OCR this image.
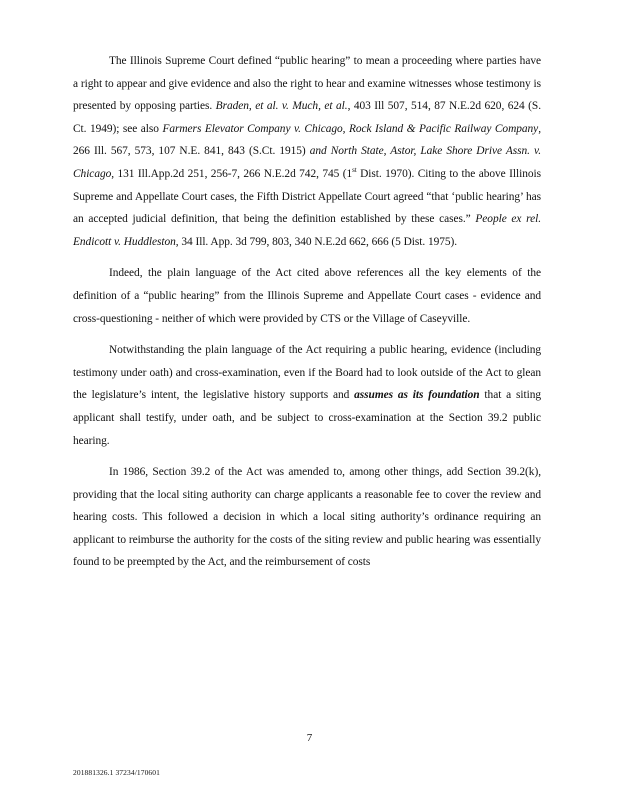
The Illinois Supreme Court defined “public hearing” to mean a proceeding where parties have a right to appear and give evidence and also the right to hear and examine witnesses whose testimony is presented by opposing parties. Braden, et al. v. Much, et al., 403 Ill 507, 514, 87 N.E.2d 620, 624 (S. Ct. 1949); see also Farmers Elevator Company v. Chicago, Rock Island & Pacific Railway Company, 266 Ill. 567, 573, 107 N.E. 841, 843 (S.Ct. 1915) and North State, Astor, Lake Shore Drive Assn. v. Chicago, 131 Ill.App.2d 251, 256-7, 266 N.E.2d 742, 745 (1st Dist. 1970). Citing to the above Illinois Supreme and Appellate Court cases, the Fifth District Appellate Court agreed “that ‘public hearing’ has an accepted judicial definition, that being the definition established by these cases.” People ex rel. Endicott v. Huddleston, 34 Ill. App. 3d 799, 803, 340 N.E.2d 662, 666 (5 Dist. 1975).

Indeed, the plain language of the Act cited above references all the key elements of the definition of a “public hearing” from the Illinois Supreme and Appellate Court cases - evidence and cross-questioning - neither of which were provided by CTS or the Village of Caseyville.

Notwithstanding the plain language of the Act requiring a public hearing, evidence (including testimony under oath) and cross-examination, even if the Board had to look outside of the Act to glean the legislature’s intent, the legislative history supports and assumes as its foundation that a siting applicant shall testify, under oath, and be subject to cross-examination at the Section 39.2 public hearing.

In 1986, Section 39.2 of the Act was amended to, among other things, add Section 39.2(k), providing that the local siting authority can charge applicants a reasonable fee to cover the review and hearing costs. This followed a decision in which a local siting authority’s ordinance requiring an applicant to reimburse the authority for the costs of the siting review and public hearing was essentially found to be preempted by the Act, and the reimbursement of costs

7
201881326.1 37234/170601
